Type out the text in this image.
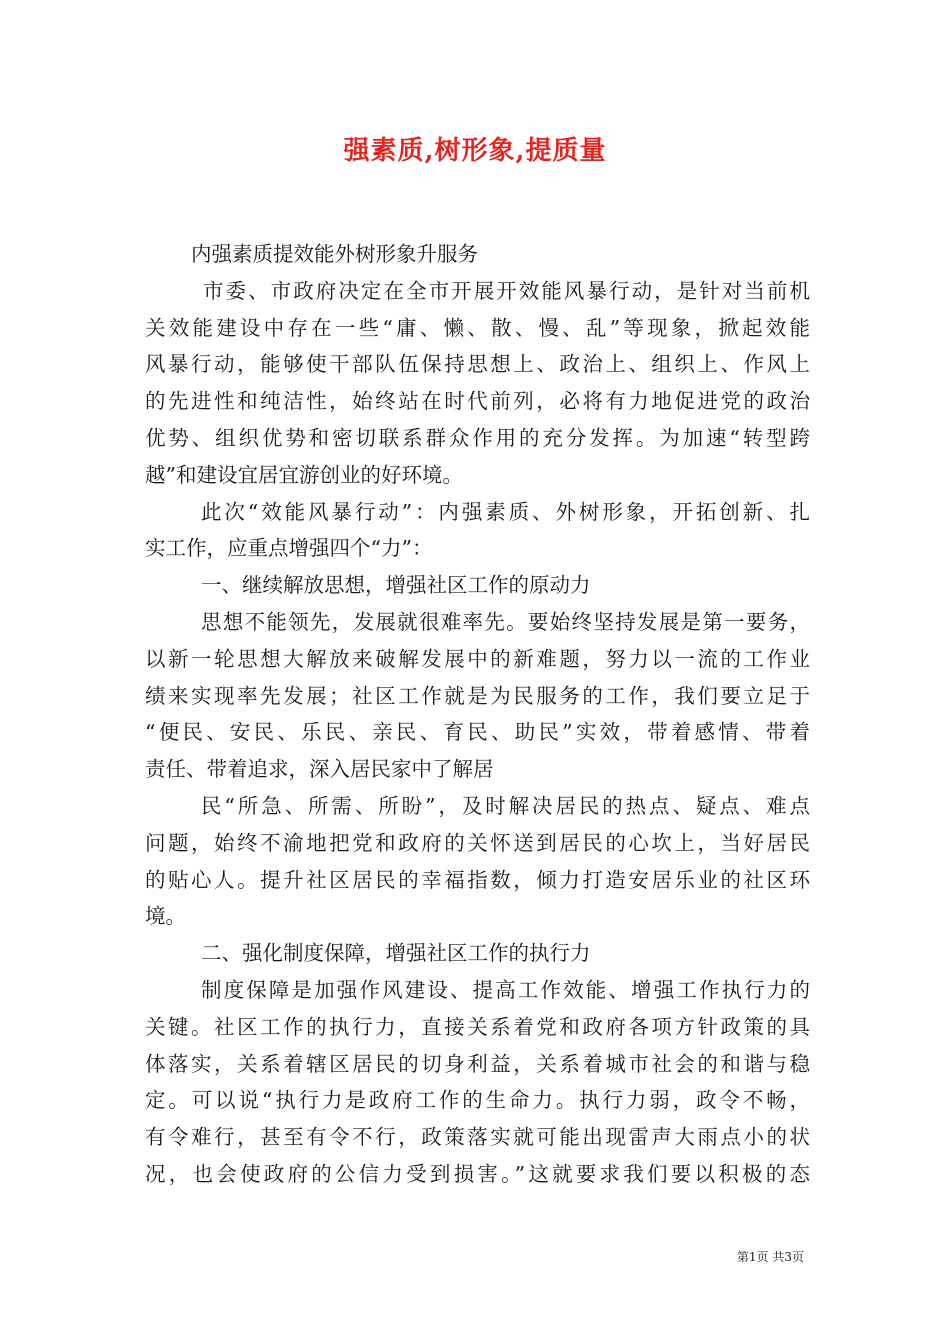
强素质,树形象,提质量
内强素质提效能外树形象升服务
市委、市政府决定在全市开展开效能风暴行动，是针对当前机
关效能建设中存在一些“庸、懒、散、慢、乱”等现象，掀起效能
风暴行动，能够使干部队伍保持思想上、政治上、组织上、作风上
的先进性和纯洁性，始终站在时代前列，必将有力地促进党的政治
优势、组织优势和密切联系群众作用的充分发挥。为加速“转型跨
越”和建设宜居宜游创业的好环境。
此次“效能风暴行动”：内强素质、外树形象，开拓创新、扎
实工作，应重点增强四个“力”：
一、继续解放思想，增强社区工作的原动力
思想不能领先，发展就很难率先。要始终坚持发展是第一要务，
以新一轮思想大解放来破解发展中的新难题，努力以一流的工作业
绩来实现率先发展；社区工作就是为民服务的工作，我们要立足于
“便民、安民、乐民、亲民、育民、助民”实效，带着感情、带着
责任、带着追求，深入居民家中了解居
民“所急、所需、所盼”，及时解决居民的热点、疑点、难点
问题，始终不渝地把党和政府的关怀送到居民的心坎上，当好居民
的贴心人。提升社区居民的幸福指数，倾力打造安居乐业的社区环
境。
二、强化制度保障，增强社区工作的执行力
制度保障是加强作风建设、提高工作效能、增强工作执行力的
关键。社区工作的执行力，直接关系着党和政府各项方针政策的具
体落实，关系着辖区居民的切身利益，关系着城市社会的和谐与稳
定。可以说“执行力是政府工作的生命力。执行力弱，政令不畅，
有令难行，甚至有令不行，政策落实就可能出现雷声大雨点小的状
况，也会使政府的公信力受到损害。”这就要求我们要以积极的态
第1页 共3页
